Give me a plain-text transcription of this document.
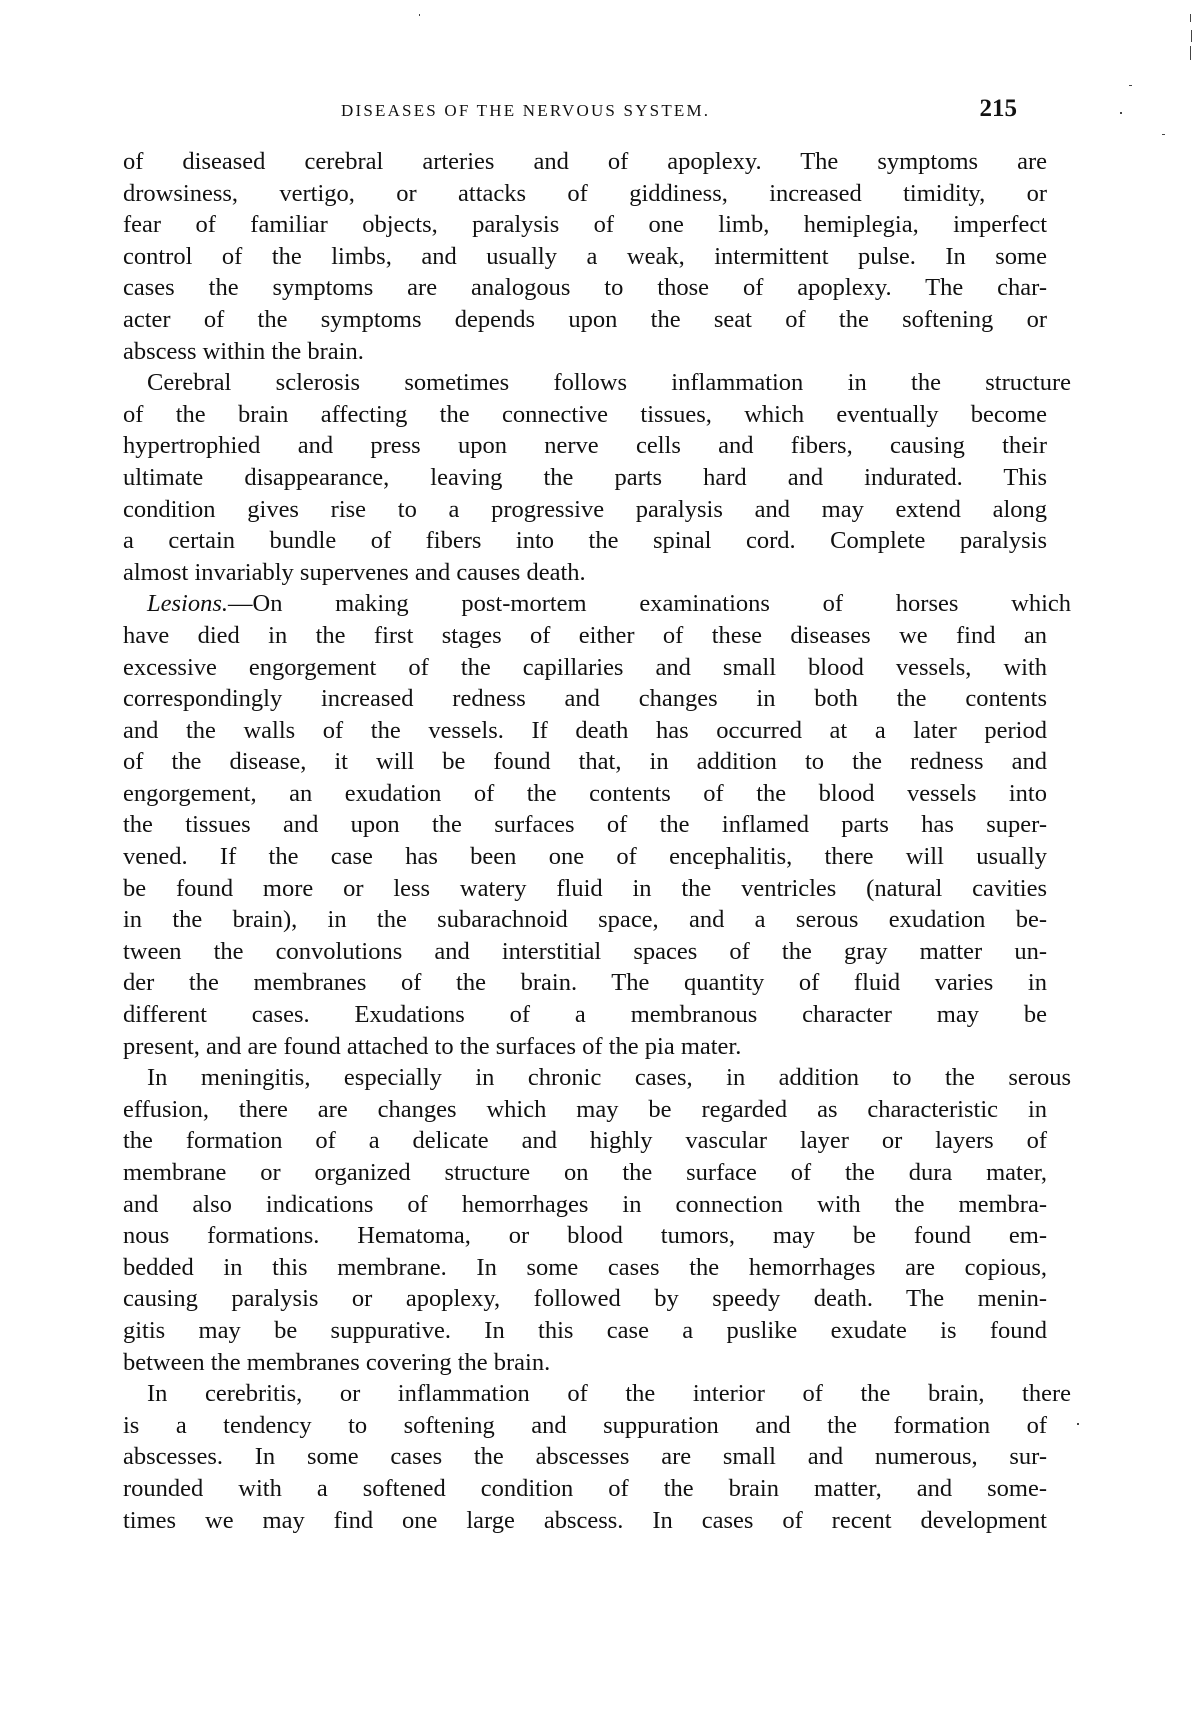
DISEASES OF THE NERVOUS SYSTEM.	215
of diseased cerebral arteries and of apoplexy. The symptoms are
drowsiness, vertigo, or attacks of giddiness, increased timidity, or
fear of familiar objects, paralysis of one limb, hemiplegia, imperfect
control of the limbs, and usually a weak, intermittent pulse. In some
cases the symptoms are analogous to those of apoplexy. The char-
acter of the symptoms depends upon the seat of the softening or
abscess within the brain.
Cerebral sclerosis sometimes follows inflammation in the structure
of the brain affecting the connective tissues, which eventually become
hypertrophied and press upon nerve cells and fibers, causing their
ultimate disappearance, leaving the parts hard and indurated. This
condition gives rise to a progressive paralysis and may extend along
a certain bundle of fibers into the spinal cord. Complete paralysis
almost invariably supervenes and causes death.
Lesions.—On making post-mortem examinations of horses which
have died in the first stages of either of these diseases we find an
excessive engorgement of the capillaries and small blood vessels, with
correspondingly increased redness and changes in both the contents
and the walls of the vessels. If death has occurred at a later period
of the disease, it will be found that, in addition to the redness and
engorgement, an exudation of the contents of the blood vessels into
the tissues and upon the surfaces of the inflamed parts has super-
vened. If the case has been one of encephalitis, there will usually
be found more or less watery fluid in the ventricles (natural cavities
in the brain), in the subarachnoid space, and a serous exudation be-
tween the convolutions and interstitial spaces of the gray matter un-
der the membranes of the brain. The quantity of fluid varies in
different cases. Exudations of a membranous character may be
present, and are found attached to the surfaces of the pia mater.
In meningitis, especially in chronic cases, in addition to the serous
effusion, there are changes which may be regarded as characteristic in
the formation of a delicate and highly vascular layer or layers of
membrane or organized structure on the surface of the dura mater,
and also indications of hemorrhages in connection with the membra-
nous formations. Hematoma, or blood tumors, may be found em-
bedded in this membrane. In some cases the hemorrhages are copious,
causing paralysis or apoplexy, followed by speedy death. The menin-
gitis may be suppurative. In this case a puslike exudate is found
between the membranes covering the brain.
In cerebritis, or inflammation of the interior of the brain, there
is a tendency to softening and suppuration and the formation of
abscesses. In some cases the abscesses are small and numerous, sur-
rounded with a softened condition of the brain matter, and some-
times we may find one large abscess. In cases of recent development
